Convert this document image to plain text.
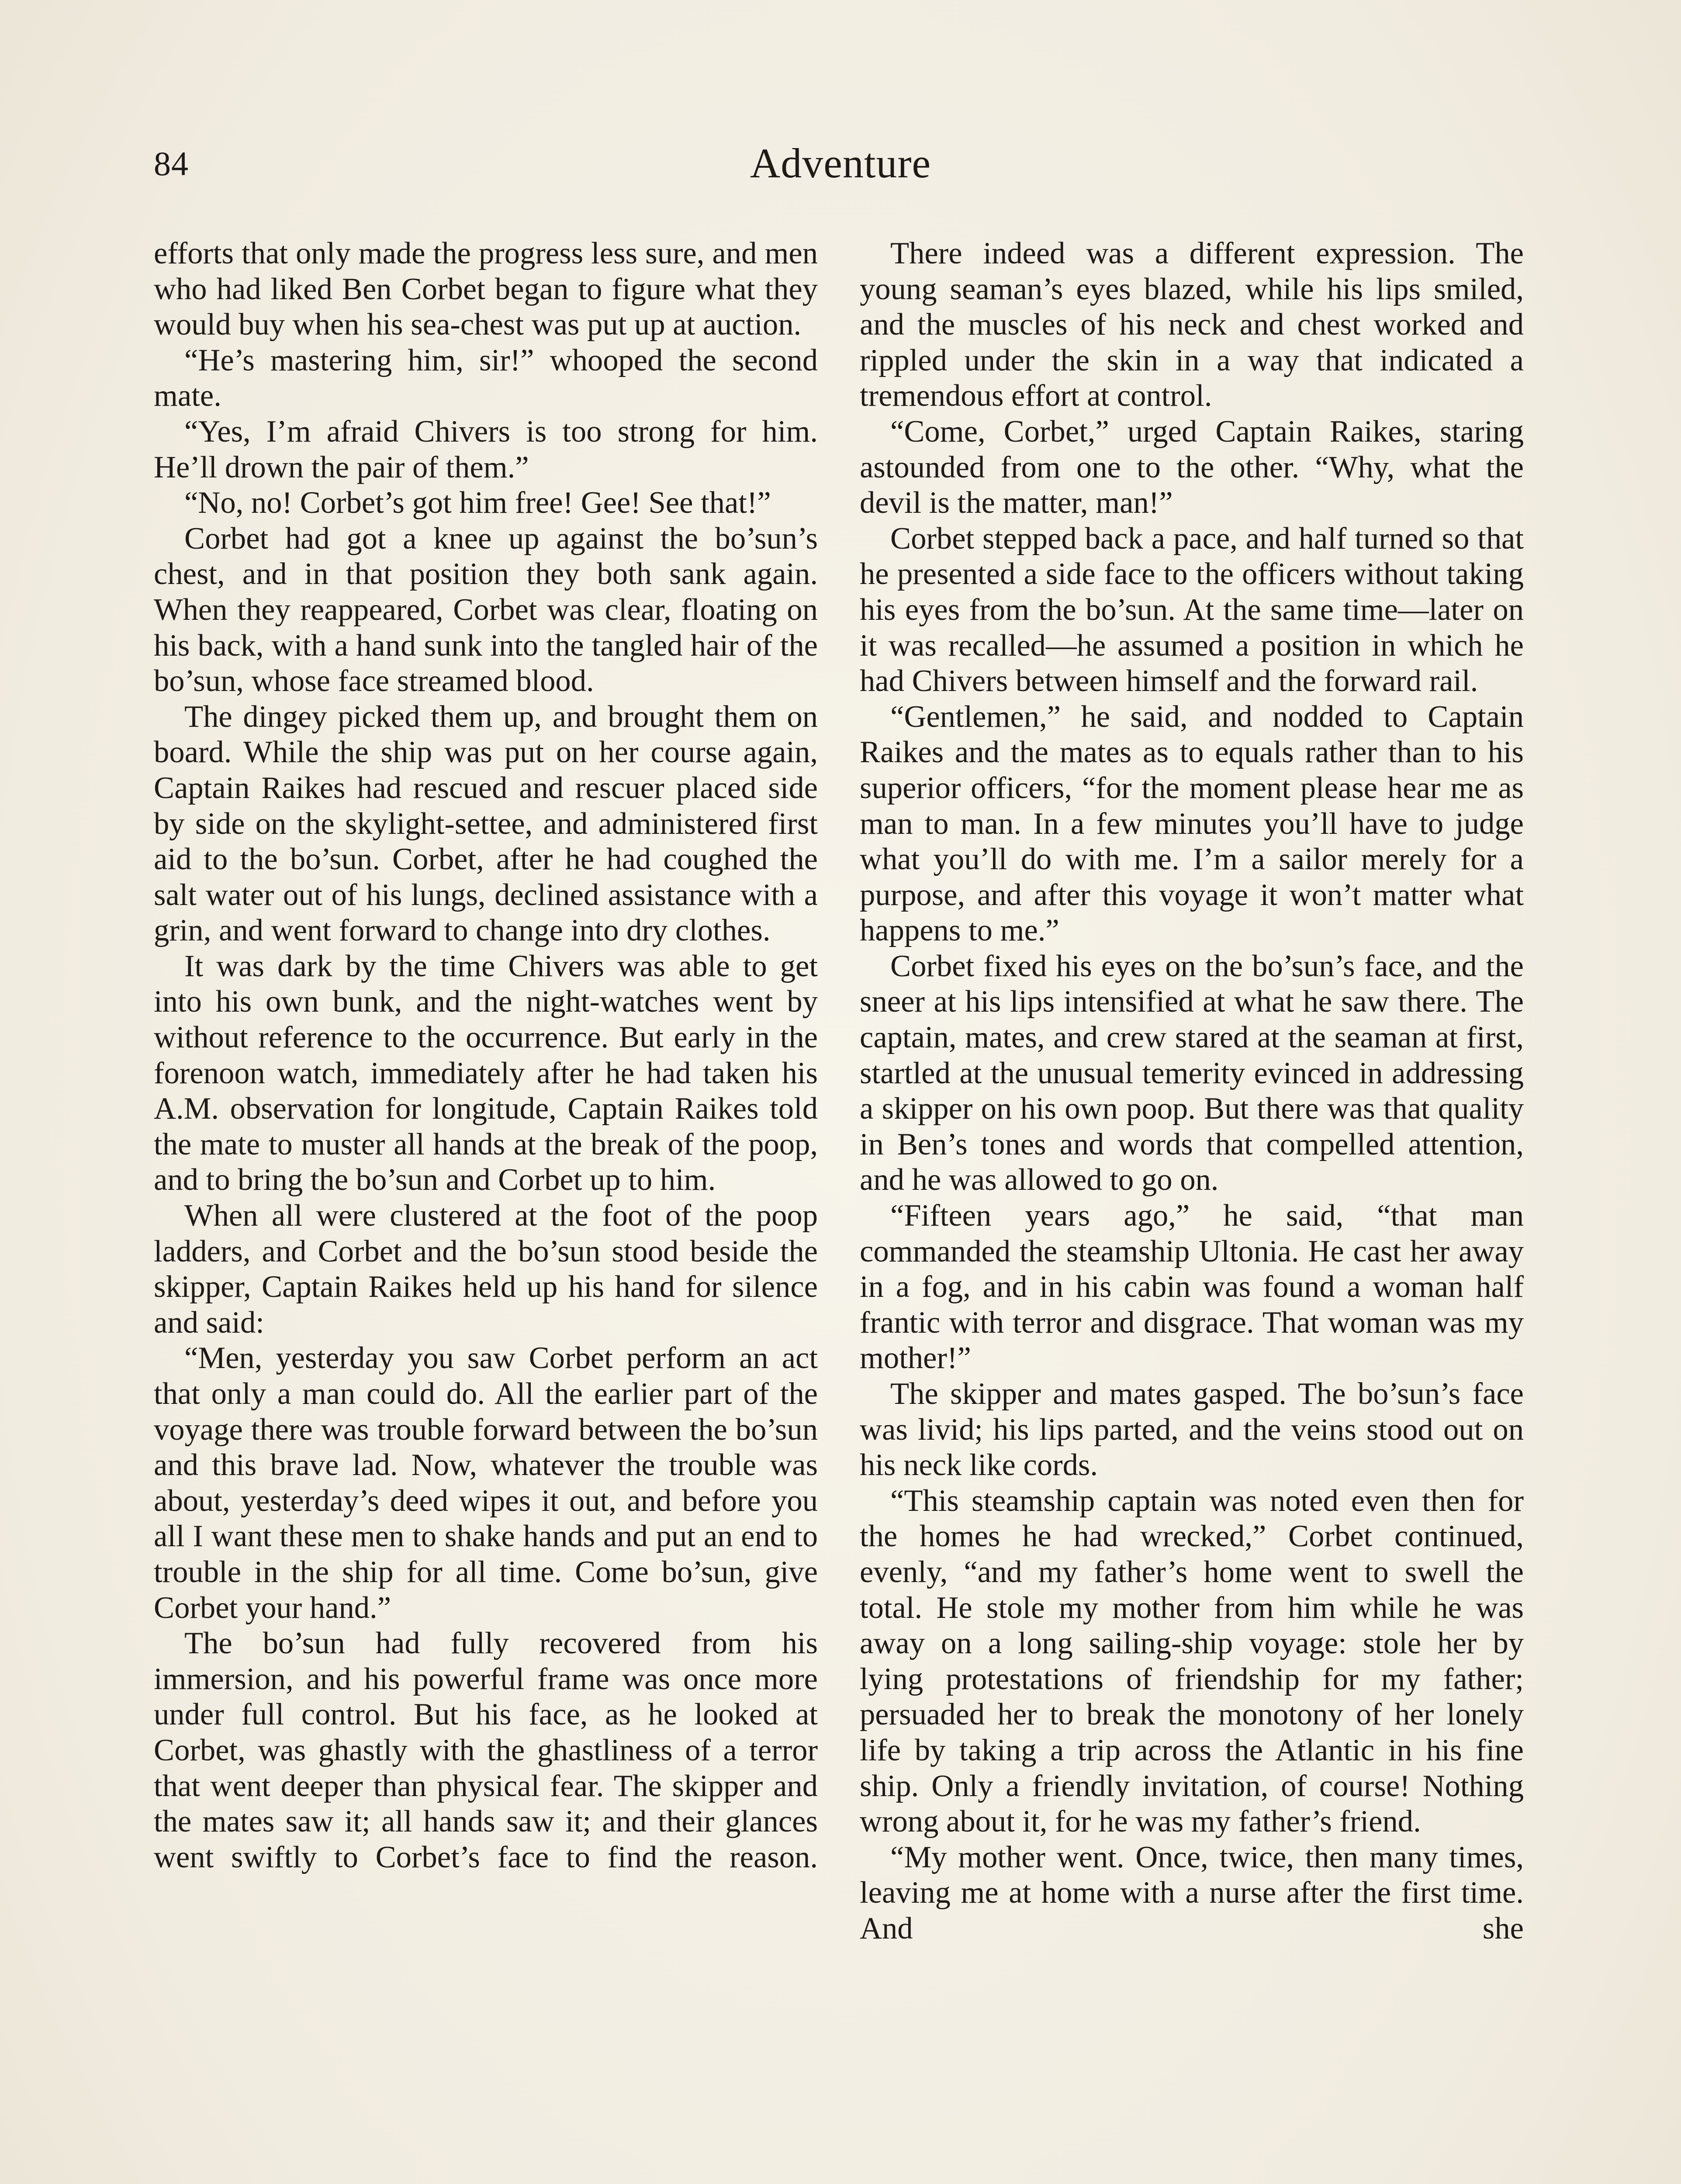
84	Adventure

efforts that only made the progress less sure, and men who had liked Ben Corbet began to figure what they would buy when his sea-chest was put up at auction.

“He’s mastering him, sir!” whooped the second mate.

“Yes, I’m afraid Chivers is too strong for him. He’ll drown the pair of them.”

“No, no! Corbet’s got him free! Gee! See that!”

Corbet had got a knee up against the bo’sun’s chest, and in that position they both sank again. When they reappeared, Corbet was clear, floating on his back, with a hand sunk into the tangled hair of the bo’sun, whose face streamed blood.

The dingey picked them up, and brought them on board. While the ship was put on her course again, Captain Raikes had rescued and rescuer placed side by side on the skylight-settee, and administered first aid to the bo’sun. Corbet, after he had coughed the salt water out of his lungs, declined assistance with a grin, and went forward to change into dry clothes.

It was dark by the time Chivers was able to get into his own bunk, and the night-watches went by without reference to the occurrence. But early in the forenoon watch, immediately after he had taken his A.M. observation for longitude, Captain Raikes told the mate to muster all hands at the break of the poop, and to bring the bo’sun and Corbet up to him.

When all were clustered at the foot of the poop ladders, and Corbet and the bo’sun stood beside the skipper, Captain Raikes held up his hand for silence and said:

“Men, yesterday you saw Corbet perform an act that only a man could do. All the earlier part of the voyage there was trouble forward between the bo’sun and this brave lad. Now, whatever the trouble was about, yesterday’s deed wipes it out, and before you all I want these men to shake hands and put an end to trouble in the ship for all time. Come bo’sun, give Corbet your hand.”

The bo’sun had fully recovered from his immersion, and his powerful frame was once more under full control. But his face, as he looked at Corbet, was ghastly with the ghastliness of a terror that went deeper than physical fear. The skipper and the mates saw it; all hands saw it; and their glances went swiftly to Corbet’s face to find the reason.

There indeed was a different expression. The young seaman’s eyes blazed, while his lips smiled, and the muscles of his neck and chest worked and rippled under the skin in a way that indicated a tremendous effort at control.

“Come, Corbet,” urged Captain Raikes, staring astounded from one to the other. “Why, what the devil is the matter, man!”

Corbet stepped back a pace, and half turned so that he presented a side face to the officers without taking his eyes from the bo’sun. At the same time—later on it was recalled—he assumed a position in which he had Chivers between himself and the forward rail.

“Gentlemen,” he said, and nodded to Captain Raikes and the mates as to equals rather than to his superior officers, “for the moment please hear me as man to man. In a few minutes you’ll have to judge what you’ll do with me. I’m a sailor merely for a purpose, and after this voyage it won’t matter what happens to me.”

Corbet fixed his eyes on the bo’sun’s face, and the sneer at his lips intensified at what he saw there. The captain, mates, and crew stared at the seaman at first, startled at the unusual temerity evinced in addressing a skipper on his own poop. But there was that quality in Ben’s tones and words that compelled attention, and he was allowed to go on.

“Fifteen years ago,” he said, “that man commanded the steamship Ultonia. He cast her away in a fog, and in his cabin was found a woman half frantic with terror and disgrace. That woman was my mother!”

The skipper and mates gasped. The bo’sun’s face was livid; his lips parted, and the veins stood out on his neck like cords.

“This steamship captain was noted even then for the homes he had wrecked,” Corbet continued, evenly, “and my father’s home went to swell the total. He stole my mother from him while he was away on a long sailing-ship voyage: stole her by lying protestations of friendship for my father; persuaded her to break the monotony of her lonely life by taking a trip across the Atlantic in his fine ship. Only a friendly invitation, of course! Nothing wrong about it, for he was my father’s friend.

“My mother went. Once, twice, then many times, leaving me at home with a nurse after the first time. And she
